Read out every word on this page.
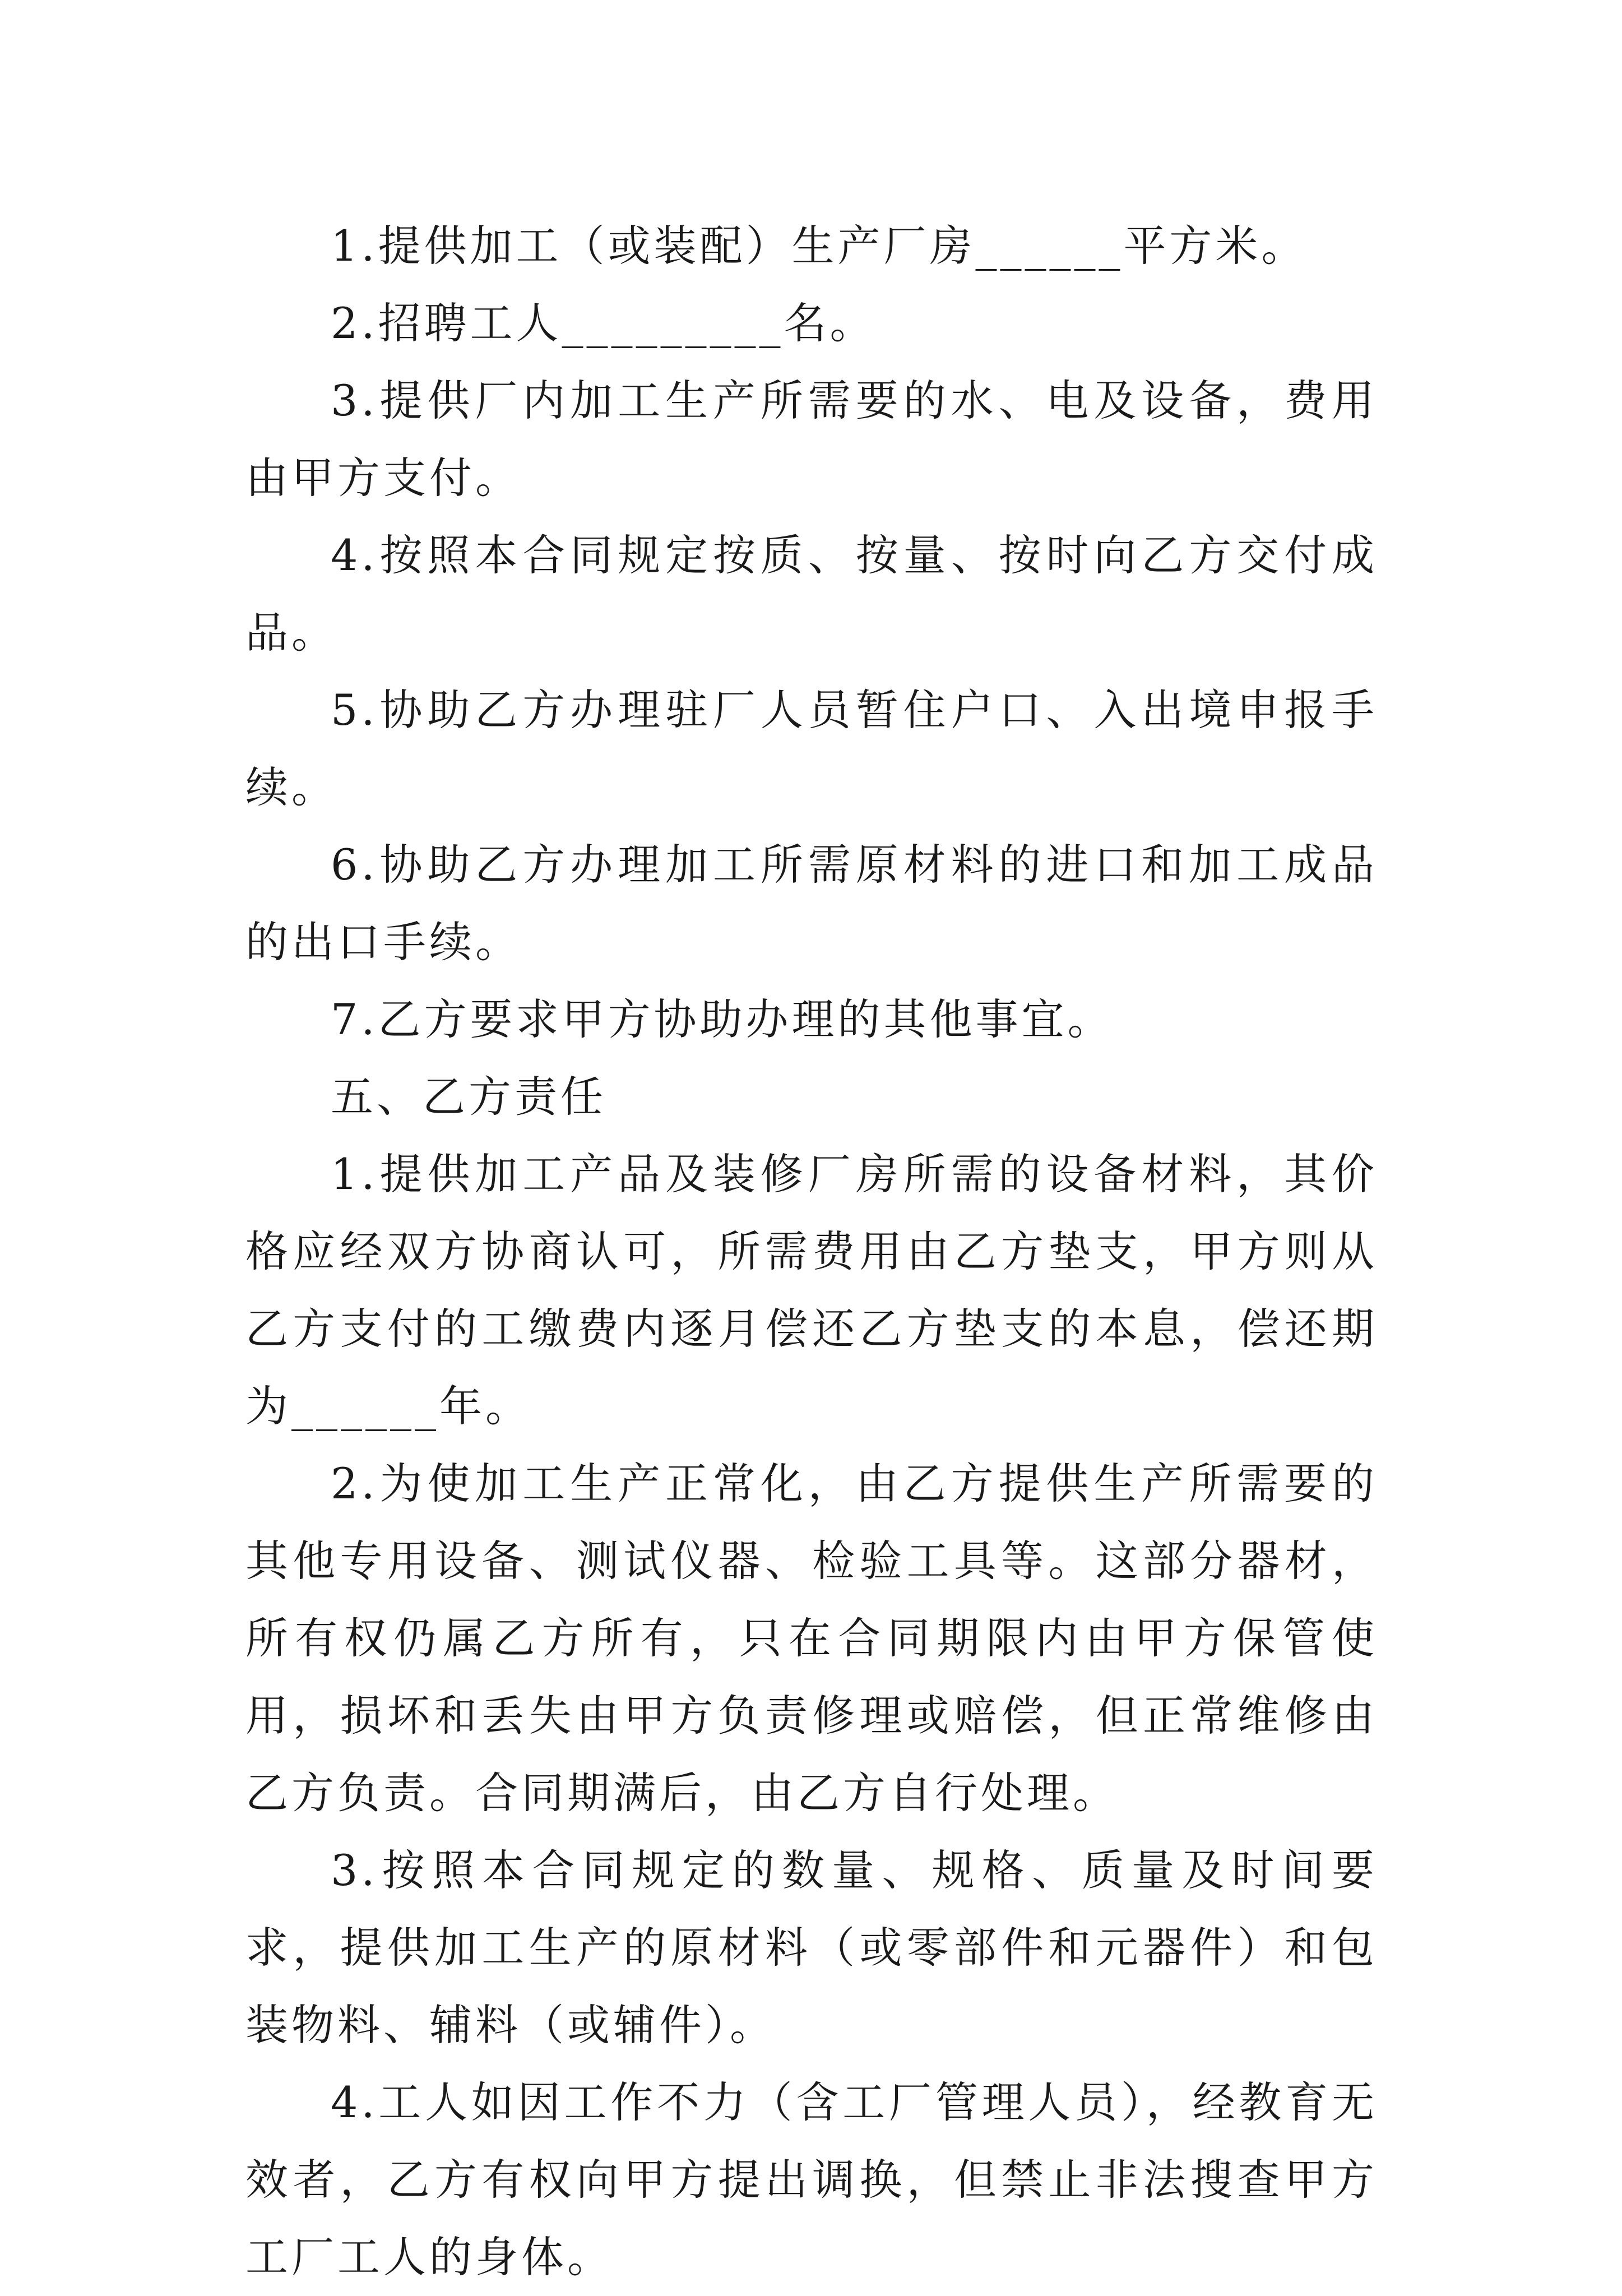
1.提供加工（或装配）生产厂房______平方米。

2.招聘工人_________名。

3.提供厂内加工生产所需要的水、电及设备，费用由甲方支付。

4.按照本合同规定按质、按量、按时向乙方交付成品。

5.协助乙方办理驻厂人员暂住户口、入出境申报手续。

6.协助乙方办理加工所需原材料的进口和加工成品的出口手续。

7.乙方要求甲方协助办理的其他事宜。

五、乙方责任

1.提供加工产品及装修厂房所需的设备材料，其价格应经双方协商认可，所需费用由乙方垫支，甲方则从乙方支付的工缴费内逐月偿还乙方垫支的本息，偿还期为______年。

2.为使加工生产正常化，由乙方提供生产所需要的其他专用设备、测试仪器、检验工具等。这部分器材，所有权仍属乙方所有，只在合同期限内由甲方保管使用，损坏和丢失由甲方负责修理或赔偿，但正常维修由乙方负责。合同期满后，由乙方自行处理。

3.按照本合同规定的数量、规格、质量及时间要求，提供加工生产的原材料（或零部件和元器件）和包装物料、辅料（或辅件）。

4.工人如因工作不力（含工厂管理人员），经教育无效者，乙方有权向甲方提出调换，但禁止非法搜查甲方工厂工人的身体。
